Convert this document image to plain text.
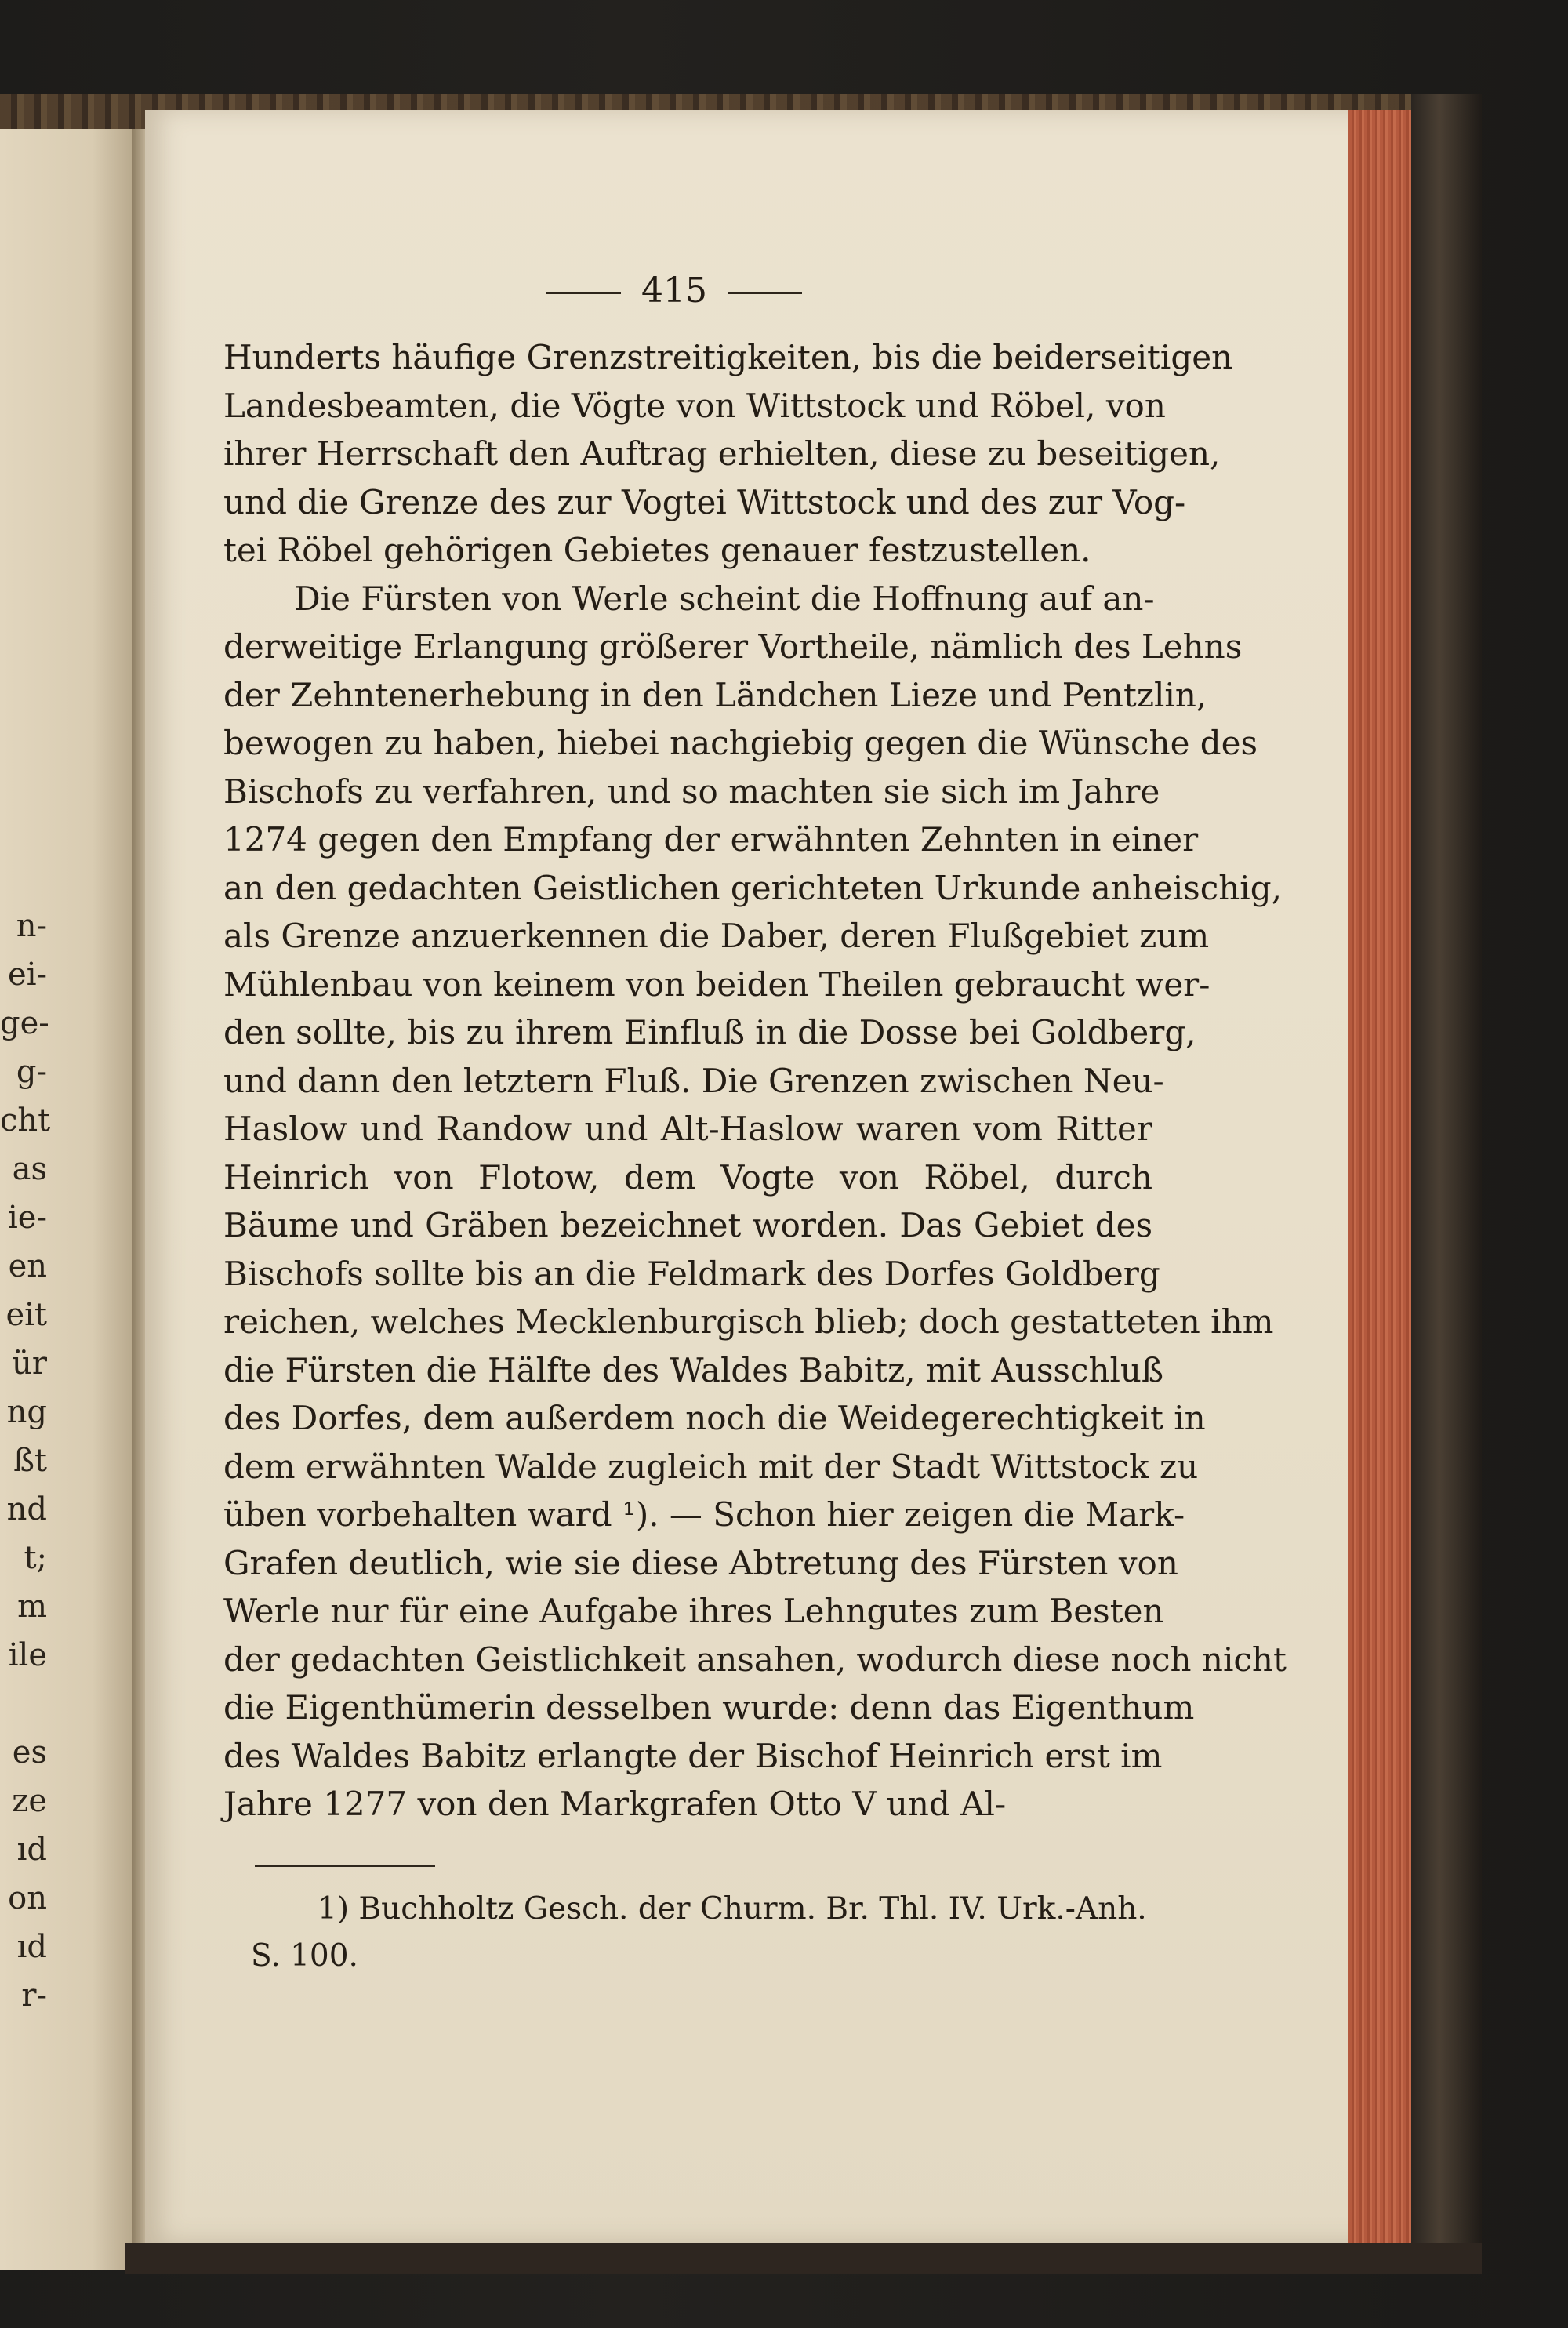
n-
ei-
ge-
g-
cht
as
ie-
en
eit
ür
ng
ßt
nd
t;
m
ile
es
ze
ıd
on
ıd
r-
415
Hunderts häufige Grenzstreitigkeiten, bis die beiderseitigen
Landesbeamten, die Vögte von Wittstock und Röbel, von
ihrer Herrschaft den Auftrag erhielten, diese zu beseitigen,
und die Grenze des zur Vogtei Wittstock und des zur Vog-
tei Röbel gehörigen Gebietes genauer festzustellen.
Die Fürsten von Werle scheint die Hoffnung auf an-
derweitige Erlangung größerer Vortheile, nämlich des Lehns
der Zehntenerhebung in den Ländchen Lieze und Pentzlin,
bewogen zu haben, hiebei nachgiebig gegen die Wünsche des
Bischofs zu verfahren, und so machten sie sich im Jahre
1274 gegen den Empfang der erwähnten Zehnten in einer
an den gedachten Geistlichen gerichteten Urkunde anheischig,
als Grenze anzuerkennen die Daber, deren Flußgebiet zum
Mühlenbau von keinem von beiden Theilen gebraucht wer-
den sollte, bis zu ihrem Einfluß in die Dosse bei Goldberg,
und dann den letztern Fluß. Die Grenzen zwischen Neu-
Haslow und Randow und Alt-Haslow waren vom Ritter
Heinrich von Flotow, dem Vogte von Röbel, durch
Bäume und Gräben bezeichnet worden. Das Gebiet des
Bischofs sollte bis an die Feldmark des Dorfes Goldberg
reichen, welches Mecklenburgisch blieb; doch gestatteten ihm
die Fürsten die Hälfte des Waldes Babitz, mit Ausschluß
des Dorfes, dem außerdem noch die Weidegerechtigkeit in
dem erwähnten Walde zugleich mit der Stadt Wittstock zu
üben vorbehalten ward ¹). — Schon hier zeigen die Mark-
Grafen deutlich, wie sie diese Abtretung des Fürsten von
Werle nur für eine Aufgabe ihres Lehngutes zum Besten
der gedachten Geistlichkeit ansahen, wodurch diese noch nicht
die Eigenthümerin desselben wurde: denn das Eigenthum
des Waldes Babitz erlangte der Bischof Heinrich erst im
Jahre 1277 von den Markgrafen Otto V und Al-
1) Buchholtz Gesch. der Churm. Br. Thl. IV. Urk.-Anh.
S. 100.
